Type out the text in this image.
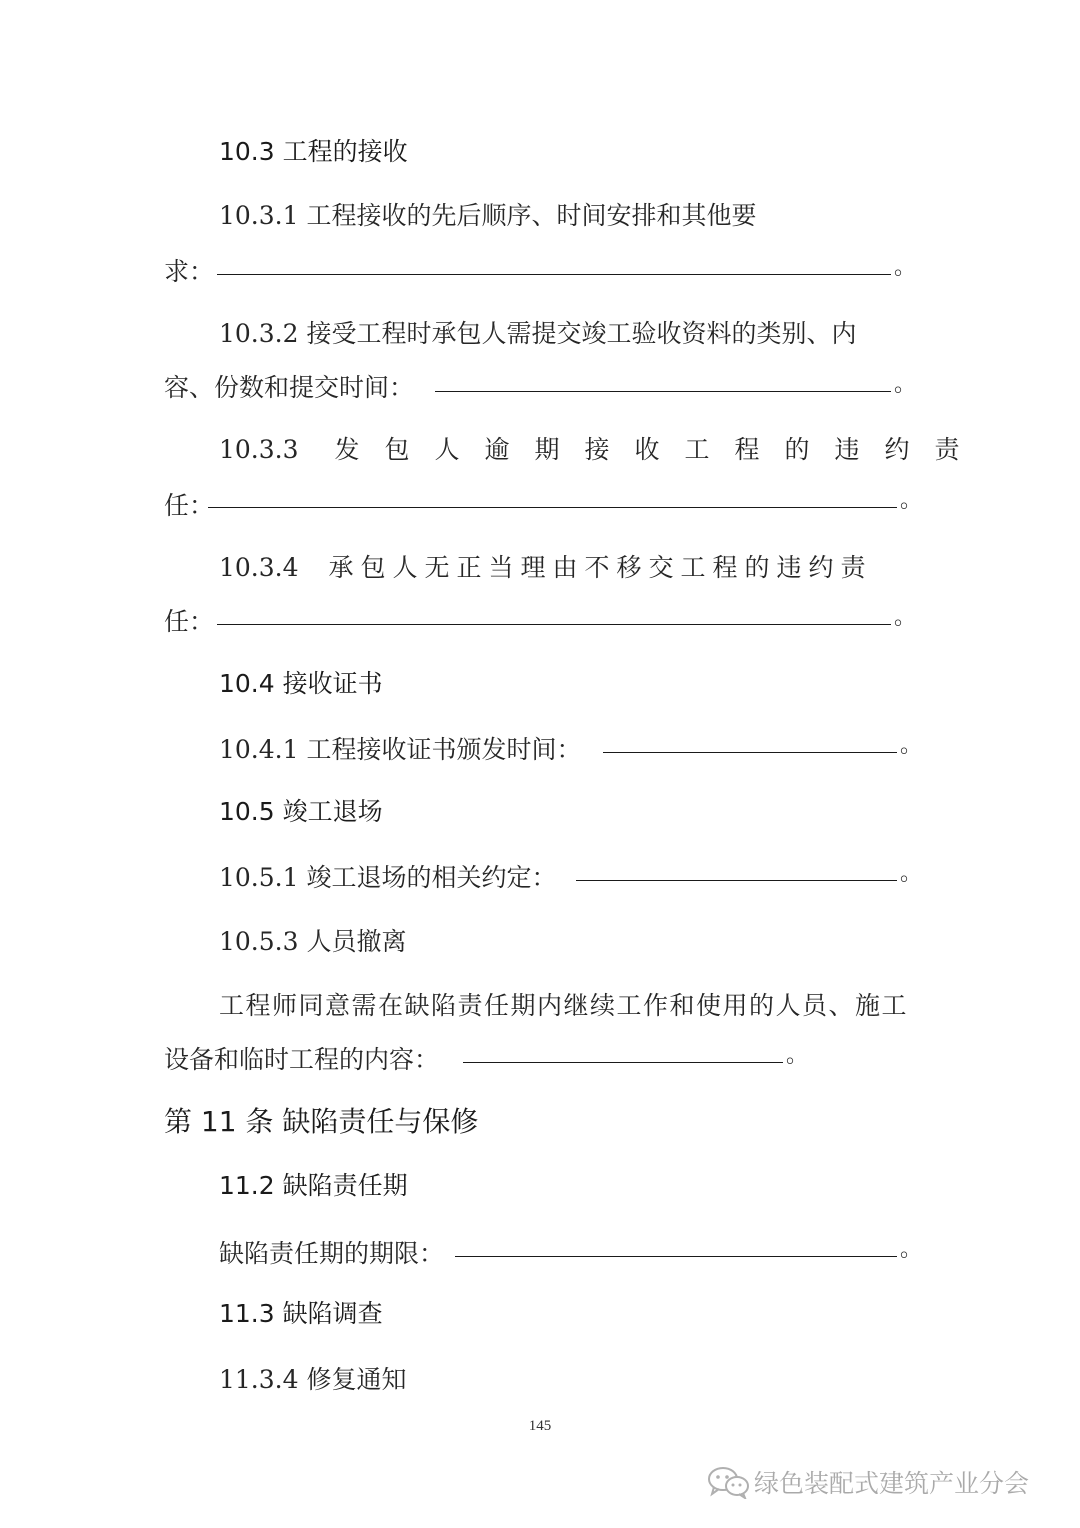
10.3 工程的接收
10.3.1 工程接收的先后顺序、时间安排和其他要
求：	。
10.3.2 接受工程时承包人需提交竣工验收资料的类别、内
容、份数和提交时间：	。
10.3.3 发包人逾期接收工程的违约责
任：	。
10.3.4 承包人无正当理由不移交工程的违约责
任：	。
10.4 接收证书
10.4.1 工程接收证书颁发时间：	。
10.5 竣工退场
10.5.1 竣工退场的相关约定：	。
10.5.3 人员撤离
工程师同意需在缺陷责任期内继续工作和使用的人员、施工
设备和临时工程的内容：	。
第 11 条 缺陷责任与保修
11.2 缺陷责任期
缺陷责任期的期限：	。
11.3 缺陷调查
11.3.4 修复通知
145
绿色装配式建筑产业分会
